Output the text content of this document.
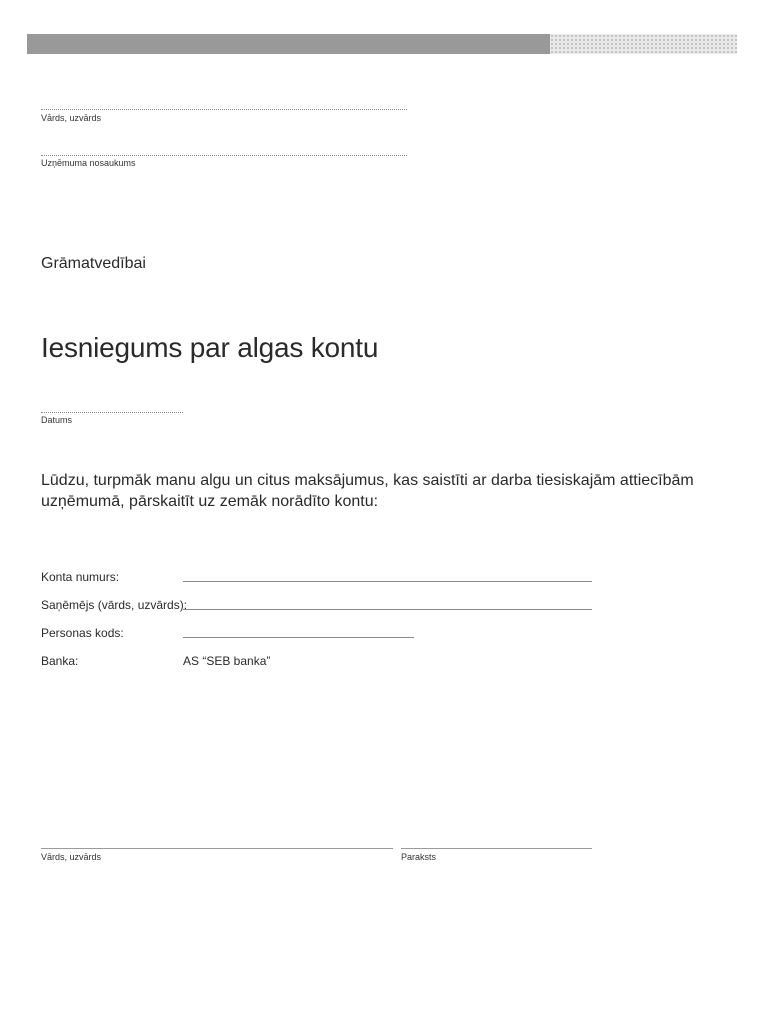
Vārds, uzvārds
Uzņēmuma nosaukums
Grāmatvedībai
Iesniegums par algas kontu
Datums
Lūdzu, turpmāk manu algu un citus maksājumus, kas saistīti ar darba tiesiskajām attiecībām
uzņēmumā, pārskaitīt uz zemāk norādīto kontu:
Konta numurs:
Saņēmējs (vārds, uzvārds):
Personas kods:
Banka:	AS “SEB banka”
Vārds, uzvārds	Paraksts
